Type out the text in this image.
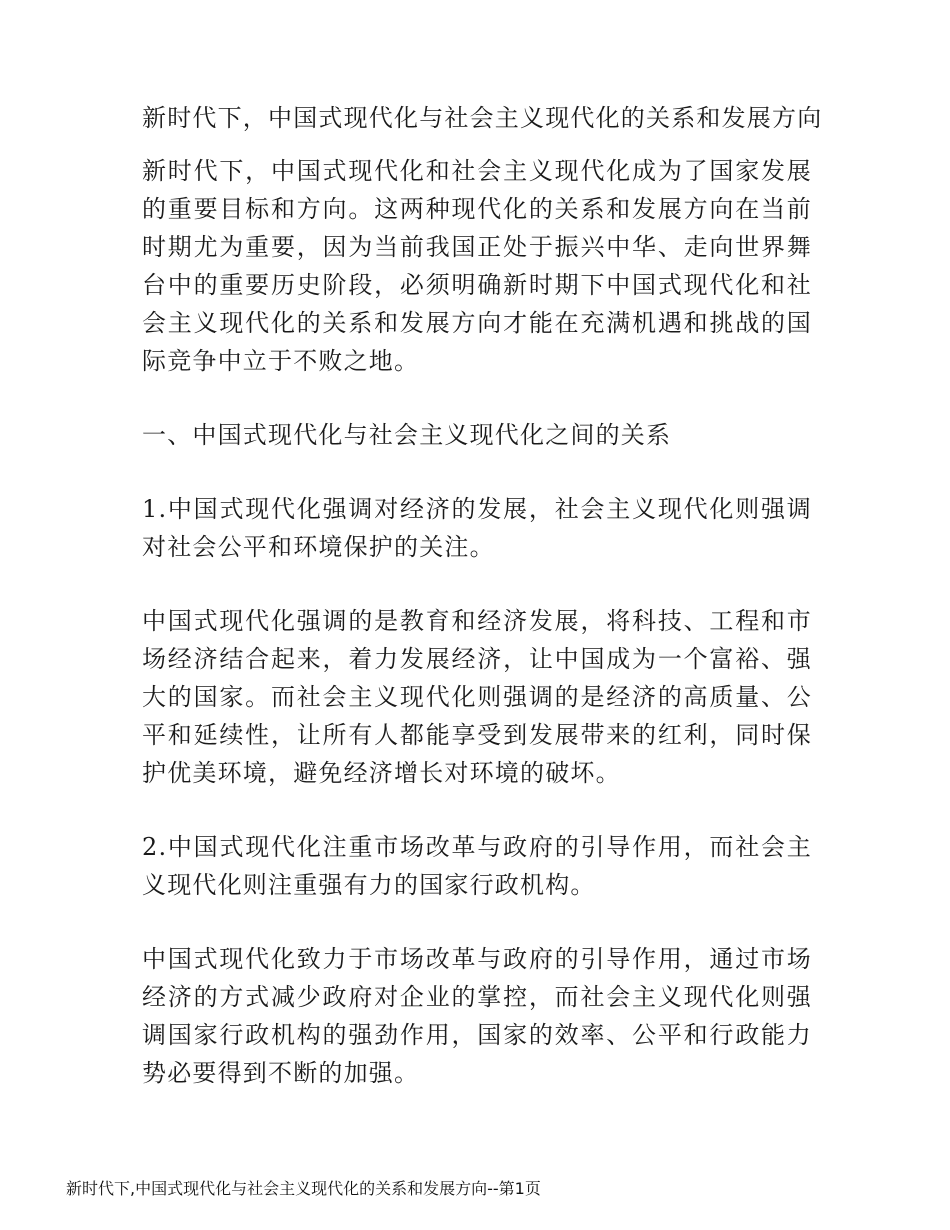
新时代下，中国式现代化与社会主义现代化的关系和发展方向

新时代下，中国式现代化和社会主义现代化成为了国家发展的重要目标和方向。这两种现代化的关系和发展方向在当前时期尤为重要，因为当前我国正处于振兴中华、走向世界舞台中的重要历史阶段，必须明确新时期下中国式现代化和社会主义现代化的关系和发展方向才能在充满机遇和挑战的国际竞争中立于不败之地。

一、中国式现代化与社会主义现代化之间的关系

1.中国式现代化强调对经济的发展，社会主义现代化则强调对社会公平和环境保护的关注。

中国式现代化强调的是教育和经济发展，将科技、工程和市场经济结合起来，着力发展经济，让中国成为一个富裕、强大的国家。而社会主义现代化则强调的是经济的高质量、公平和延续性，让所有人都能享受到发展带来的红利，同时保护优美环境，避免经济增长对环境的破坏。

2.中国式现代化注重市场改革与政府的引导作用，而社会主义现代化则注重强有力的国家行政机构。

中国式现代化致力于市场改革与政府的引导作用，通过市场经济的方式减少政府对企业的掌控，而社会主义现代化则强调国家行政机构的强劲作用，国家的效率、公平和行政能力势必要得到不断的加强。

新时代下,中国式现代化与社会主义现代化的关系和发展方向--第1页
